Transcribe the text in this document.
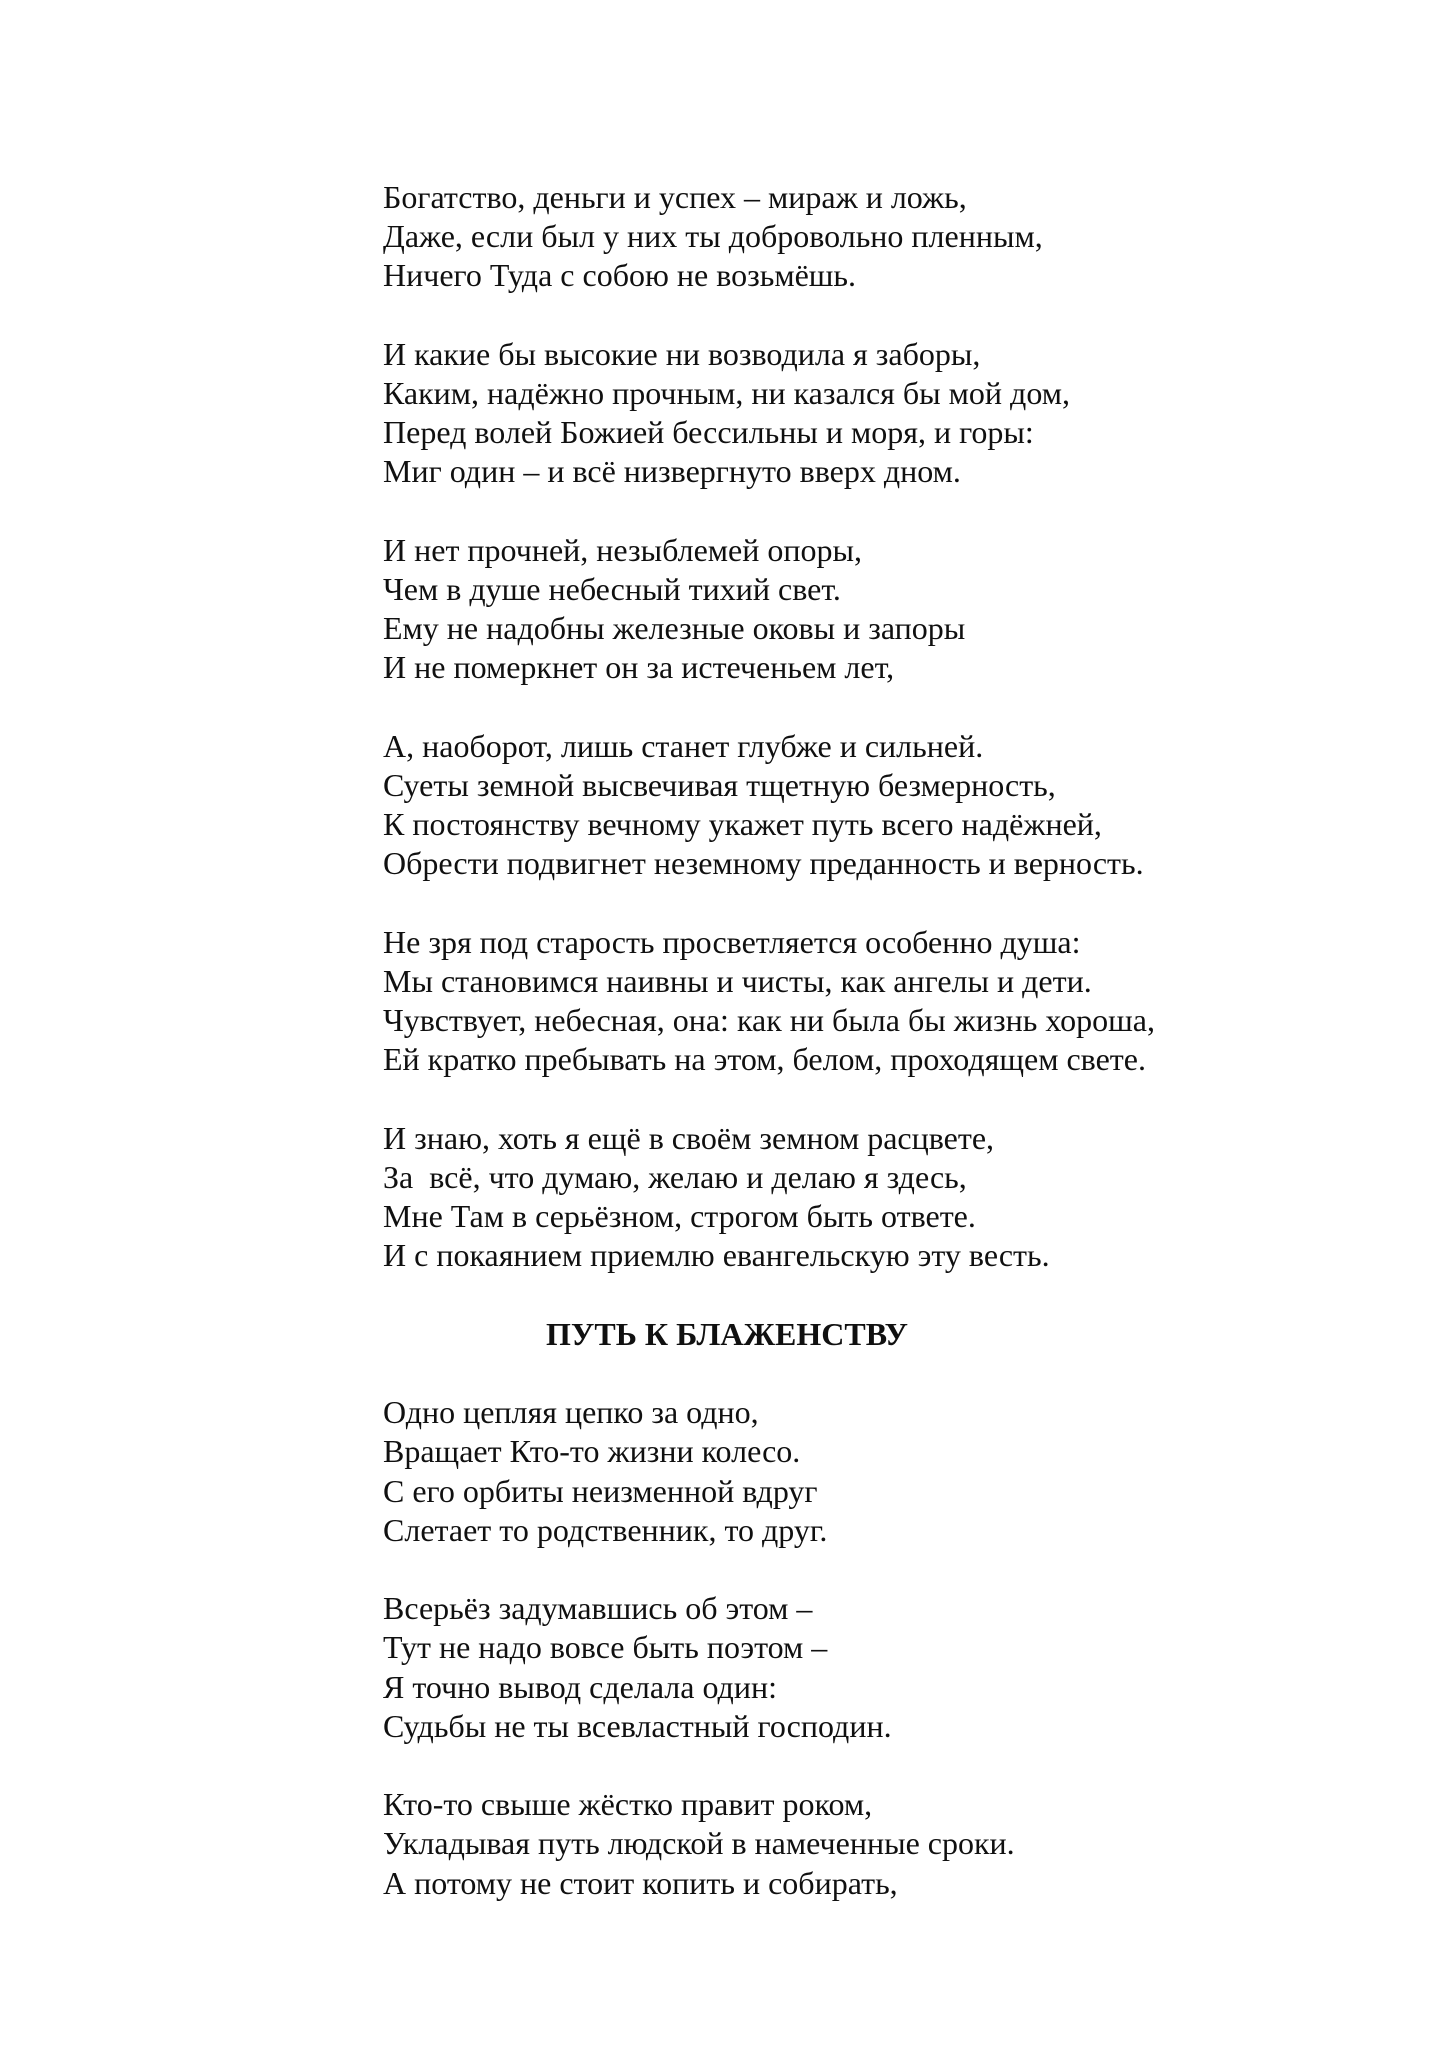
Богатство, деньги и успех – мираж и ложь,
Даже, если был у них ты добровольно пленным,
Ничего Туда с собою не возьмёшь.
И какие бы высокие ни возводила я заборы,
Каким, надёжно прочным, ни казался бы мой дом,
Перед волей Божией бессильны и моря, и горы:
Миг один – и всё низвергнуто вверх дном.
И нет прочней, незыблемей опоры,
Чем в душе небесный тихий свет.
Ему не надобны железные оковы и запоры
И не померкнет он за истеченьем лет,
А, наоборот, лишь станет глубже и сильней.
Суеты земной высвечивая тщетную безмерность,
К постоянству вечному укажет путь всего надёжней,
Обрести подвигнет неземному преданность и верность.
Не зря под старость просветляется особенно душа:
Мы становимся наивны и чисты, как ангелы и дети.
Чувствует, небесная, она: как ни была бы жизнь хороша,
Ей кратко пребывать на этом, белом, проходящем свете.
И знаю, хоть я ещё в своём земном расцвете,
За  всё, что думаю, желаю и делаю я здесь,
Мне Там в серьёзном, строгом быть ответе.
И с покаянием приемлю евангельскую эту весть.
ПУТЬ К БЛАЖЕНСТВУ
Одно цепляя цепко за одно,
Вращает Кто-то жизни колесо.
С его орбиты неизменной вдруг
Слетает то родственник, то друг.
Всерьёз задумавшись об этом –
Тут не надо вовсе быть поэтом –
Я точно вывод сделала один:
Судьбы не ты всевластный господин.
Кто-то свыше жёстко правит роком,
Укладывая путь людской в намеченные сроки.
А потому не стоит копить и собирать,
